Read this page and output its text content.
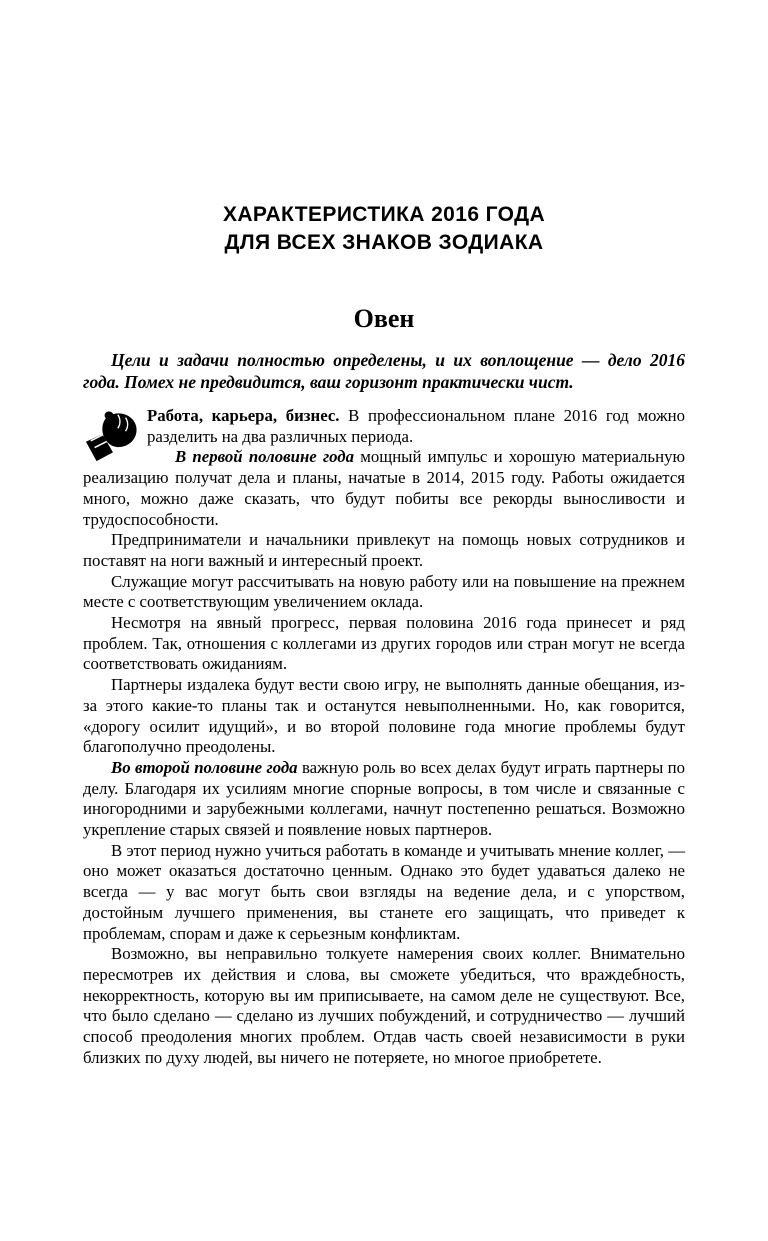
ХАРАКТЕРИСТИКА 2016 ГОДА
ДЛЯ ВСЕХ ЗНАКОВ ЗОДИАКА
Овен

Цели и задачи полностью определены, и их воплощение — дело 2016 года. Помех не предвидится, ваш горизонт практически чист.

Работа, карьера, бизнес. В профессиональном плане 2016 год можно разделить на два различных периода.

В первой половине года мощный импульс и хорошую материальную реализацию получат дела и планы, начатые в 2014, 2015 году. Работы ожидается много, можно даже сказать, что будут побиты все рекорды выносливости и трудоспособности.

Предприниматели и начальники привлекут на помощь новых сотрудников и поставят на ноги важный и интересный проект.

Служащие могут рассчитывать на новую работу или на повышение на прежнем месте с соответствующим увеличением оклада.

Несмотря на явный прогресс, первая половина 2016 года принесет и ряд проблем. Так, отношения с коллегами из других городов или стран могут не всегда соответствовать ожиданиям.

Партнеры издалека будут вести свою игру, не выполнять данные обещания, из-за этого какие-то планы так и останутся невыполненными. Но, как говорится, «дорогу осилит идущий», и во второй половине года многие проблемы будут благополучно преодолены.

Во второй половине года важную роль во всех делах будут играть партнеры по делу. Благодаря их усилиям многие спорные вопросы, в том числе и связанные с иногородними и зарубежными коллегами, начнут постепенно решаться. Возможно укрепление старых связей и появление новых партнеров.

В этот период нужно учиться работать в команде и учитывать мнение коллег, — оно может оказаться достаточно ценным. Однако это будет удаваться далеко не всегда — у вас могут быть свои взгляды на ведение дела, и с упорством, достойным лучшего применения, вы станете его защищать, что приведет к проблемам, спорам и даже к серьезным конфликтам.

Возможно, вы неправильно толкуете намерения своих коллег. Внимательно пересмотрев их действия и слова, вы сможете убедиться, что враждебность, некорректность, которую вы им приписываете, на самом деле не существуют. Все, что было сделано — сделано из лучших побуждений, и сотрудничество — лучший способ преодоления многих проблем. Отдав часть своей независимости в руки близких по духу людей, вы ничего не потеряете, но многое приобретете.
